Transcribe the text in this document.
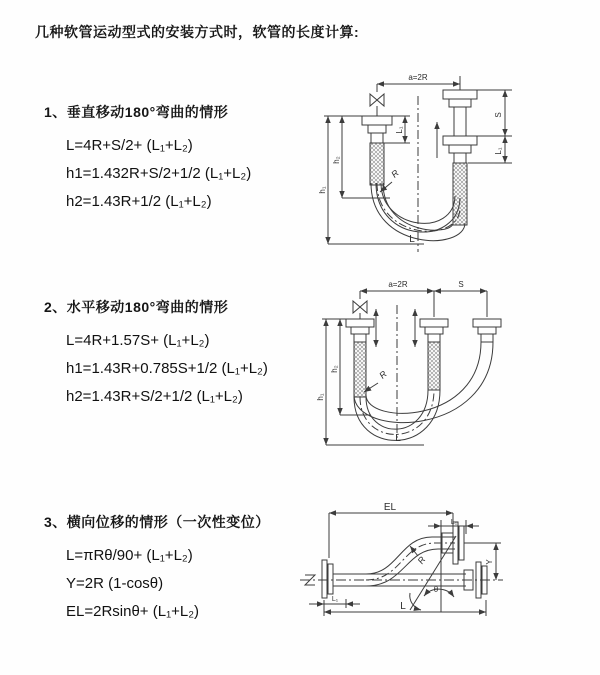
几种软管运动型式的安装方式时，软管的长度计算:

1、垂直移动180°弯曲的情形

L=4R+S/2+ (L₁+L₂)

h1=1.432R+S/2+1/2 (L₁+L₂)

h2=1.43R+1/2 (L₁+L₂)

a=2R
S
L₁
L₁
h₂
h₁
R
L

2、水平移动180°弯曲的情形

L=4R+1.57S+ (L₁+L₂)

h1=1.43R+0.785S+1/2 (L₁+L₂)

h2=1.43R+S/2+1/2 (L₁+L₂)

a=2R	S
h₂
h₁
R
L

3、横向位移的情形（一次性变位）

L=πRθ/90+ (L₁+L₂)

Y=2R (1-cosθ)

EL=2Rsinθ+ (L₁+L₂)

EL
L₁
Y
R
θ
L
L₁
